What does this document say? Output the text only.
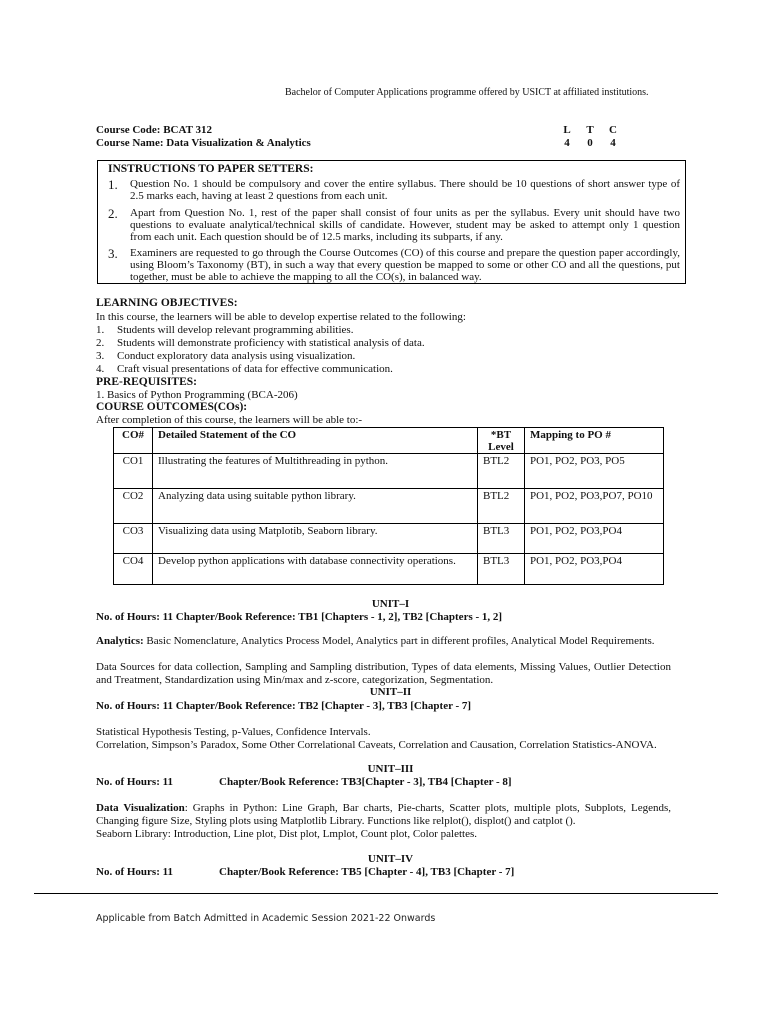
Bachelor of Computer Applications programme offered by USICT at affiliated institutions.
Course Code: BCAT 312
Course Name: Data Visualization & Analytics
L	T	C
4	0	4
INSTRUCTIONS TO PAPER SETTERS:
1. Question No. 1 should be compulsory and cover the entire syllabus. There should be 10 questions of short answer type of 2.5 marks each, having at least 2 questions from each unit.
2. Apart from Question No. 1, rest of the paper shall consist of four units as per the syllabus. Every unit should have two questions to evaluate analytical/technical skills of candidate. However, student may be asked to attempt only 1 question from each unit. Each question should be of 12.5 marks, including its subparts, if any.
3. Examiners are requested to go through the Course Outcomes (CO) of this course and prepare the question paper accordingly, using Bloom’s Taxonomy (BT), in such a way that every question be mapped to some or other CO and all the questions, put together, must be able to achieve the mapping to all the CO(s), in balanced way.
LEARNING OBJECTIVES:
In this course, the learners will be able to develop expertise related to the following:
1. Students will develop relevant programming abilities.
2. Students will demonstrate proficiency with statistical analysis of data.
3. Conduct exploratory data analysis using visualization.
4. Craft visual presentations of data for effective communication.
PRE-REQUISITES:
1. Basics of Python Programming (BCA-206)
COURSE OUTCOMES(COs):
After completion of this course, the learners will be able to:-
CO#	Detailed Statement of the CO	*BT Level	Mapping to PO #
CO1	Illustrating the features of Multithreading in python.	BTL2	PO1, PO2, PO3, PO5
CO2	Analyzing data using suitable python library.	BTL2	PO1, PO2, PO3,PO7, PO10
CO3	Visualizing data using Matplotib, Seaborn library.	BTL3	PO1, PO2, PO3,PO4
CO4	Develop python applications with database connectivity operations.	BTL3	PO1, PO2, PO3,PO4
UNIT–I
No. of Hours: 11 Chapter/Book Reference: TB1 [Chapters - 1, 2], TB2 [Chapters - 1, 2]
Analytics: Basic Nomenclature, Analytics Process Model, Analytics part in different profiles, Analytical Model Requirements.
Data Sources for data collection, Sampling and Sampling distribution, Types of data elements, Missing Values, Outlier Detection and Treatment, Standardization using Min/max and z-score, categorization, Segmentation.
UNIT–II
No. of Hours: 11 Chapter/Book Reference: TB2 [Chapter - 3], TB3 [Chapter - 7]
Statistical Hypothesis Testing, p-Values, Confidence Intervals.
Correlation, Simpson’s Paradox, Some Other Correlational Caveats, Correlation and Causation, Correlation Statistics-ANOVA.
UNIT–III
No. of Hours: 11	Chapter/Book Reference: TB3[Chapter - 3], TB4 [Chapter - 8]
Data Visualization: Graphs in Python: Line Graph, Bar charts, Pie-charts, Scatter plots, multiple plots, Subplots, Legends, Changing figure Size, Styling plots using Matplotlib Library. Functions like relplot(), displot() and catplot ().
Seaborn Library: Introduction, Line plot, Dist plot, Lmplot, Count plot, Color palettes.
UNIT–IV
No. of Hours: 11	Chapter/Book Reference: TB5 [Chapter - 4], TB3 [Chapter - 7]
Applicable from Batch Admitted in Academic Session 2021-22 Onwards
